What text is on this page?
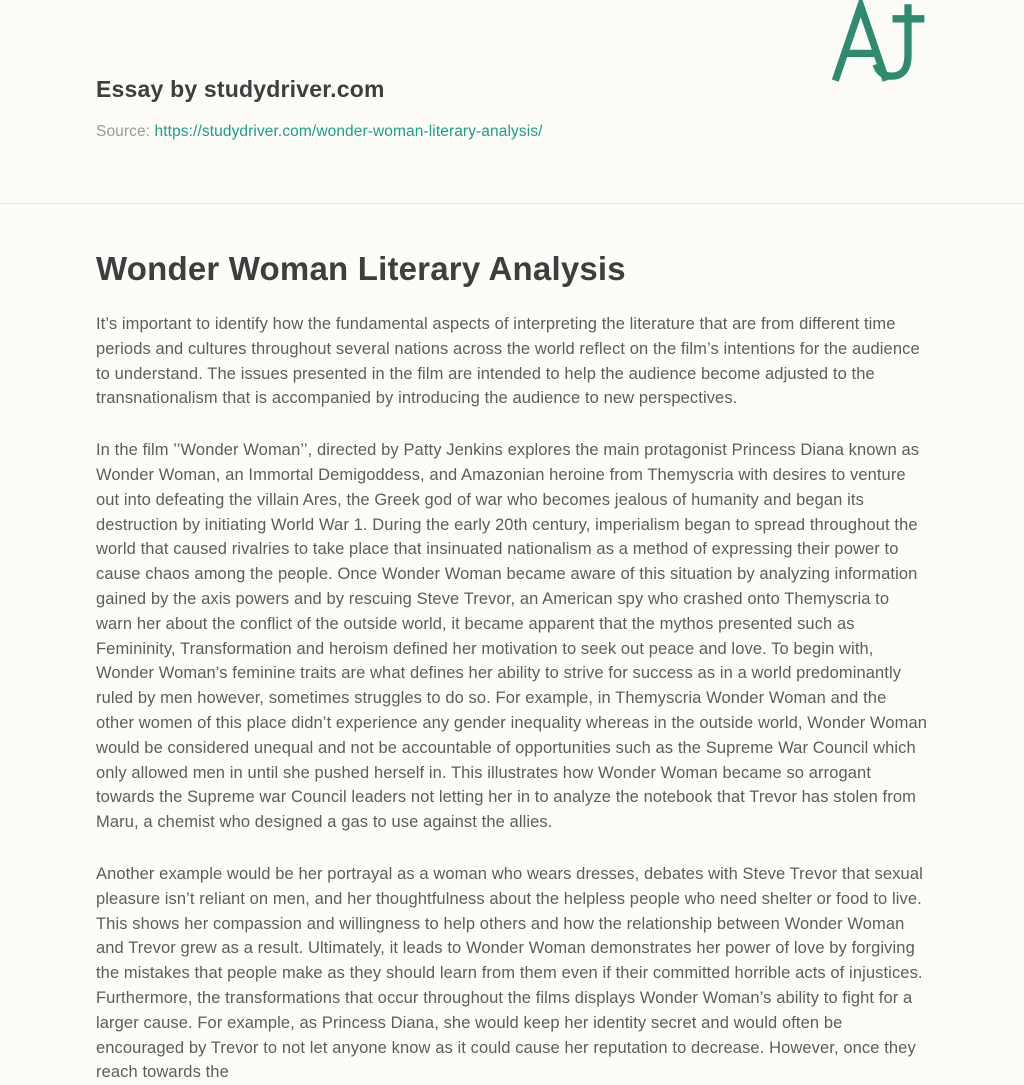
Essay by studydriver.com
Source: https://studydriver.com/wonder-woman-literary-analysis/
Wonder Woman Literary Analysis

It’s important to identify how the fundamental aspects of interpreting the literature that are from different time periods and cultures throughout several nations across the world reflect on the film’s intentions for the audience to understand. The issues presented in the film are intended to help the audience become adjusted to the transnationalism that is accompanied by introducing the audience to new perspectives.

In the film ’’Wonder Woman’’, directed by Patty Jenkins explores the main protagonist Princess Diana known as Wonder Woman, an Immortal Demigoddess, and Amazonian heroine from Themyscria with desires to venture out into defeating the villain Ares, the Greek god of war who becomes jealous of humanity and began its destruction by initiating World War 1. During the early 20th century, imperialism began to spread throughout the world that caused rivalries to take place that insinuated nationalism as a method of expressing their power to cause chaos among the people. Once Wonder Woman became aware of this situation by analyzing information gained by the axis powers and by rescuing Steve Trevor, an American spy who crashed onto Themyscria to warn her about the conflict of the outside world, it became apparent that the mythos presented such as Femininity, Transformation and heroism defined her motivation to seek out peace and love. To begin with, Wonder Woman’s feminine traits are what defines her ability to strive for success as in a world predominantly ruled by men however, sometimes struggles to do so. For example, in Themyscria Wonder Woman and the other women of this place didn’t experience any gender inequality whereas in the outside world, Wonder Woman would be considered unequal and not be accountable of opportunities such as the Supreme War Council which only allowed men in until she pushed herself in. This illustrates how Wonder Woman became so arrogant towards the Supreme war Council leaders not letting her in to analyze the notebook that Trevor has stolen from Maru, a chemist who designed a gas to use against the allies.

Another example would be her portrayal as a woman who wears dresses, debates with Steve Trevor that sexual pleasure isn’t reliant on men, and her thoughtfulness about the helpless people who need shelter or food to live. This shows her compassion and willingness to help others and how the relationship between Wonder Woman and Trevor grew as a result. Ultimately, it leads to Wonder Woman demonstrates her power of love by forgiving the mistakes that people make as they should learn from them even if their committed horrible acts of injustices. Furthermore, the transformations that occur throughout the films displays Wonder Woman’s ability to fight for a larger cause. For example, as Princess Diana, she would keep her identity secret and would often be encouraged by Trevor to not let anyone know as it could cause her reputation to decrease. However, once they reach towards the
